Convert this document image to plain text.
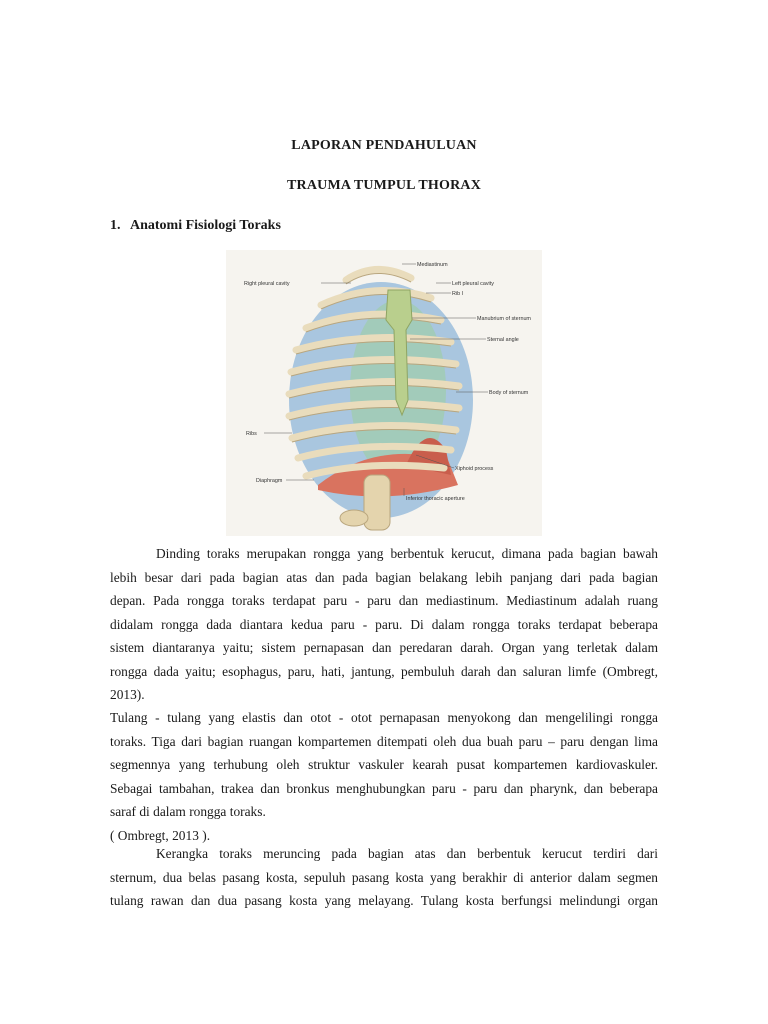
LAPORAN PENDAHULUAN
TRAUMA TUMPUL THORAX
1. Anatomi Fisiologi Toraks
Mediastinum
Right pleural cavity	Left pleural cavity
Rib I
Manubrium of sternum
Sternal angle
Body of sternum
Ribs
Xiphoid process
Diaphragm
Inferior thoracic aperture
Dinding toraks merupakan rongga yang berbentuk kerucut, dimana pada bagian bawah
lebih besar dari pada bagian atas dan pada bagian belakang lebih panjang dari pada bagian
depan. Pada rongga toraks terdapat paru - paru dan mediastinum. Mediastinum adalah ruang
didalam rongga dada diantara kedua paru - paru. Di dalam rongga toraks terdapat beberapa
sistem diantaranya yaitu; sistem pernapasan dan peredaran darah. Organ yang terletak dalam
rongga dada yaitu; esophagus, paru, hati, jantung, pembuluh darah dan saluran limfe (Ombregt,
2013).
Tulang - tulang yang elastis dan otot - otot pernapasan menyokong dan mengelilingi rongga
toraks. Tiga dari bagian ruangan kompartemen ditempati oleh dua buah paru – paru dengan lima
segmennya yang terhubung oleh struktur vaskuler kearah pusat kompartemen kardiovaskuler.
Sebagai tambahan, trakea dan bronkus menghubungkan paru - paru dan pharynk, dan beberapa
saraf di dalam rongga toraks.
( Ombregt, 2013 ).
Kerangka toraks meruncing pada bagian atas dan berbentuk kerucut terdiri dari
sternum, dua belas pasang kosta, sepuluh pasang kosta yang berakhir di anterior dalam segmen
tulang rawan dan dua pasang kosta yang melayang. Tulang kosta berfungsi melindungi organ
